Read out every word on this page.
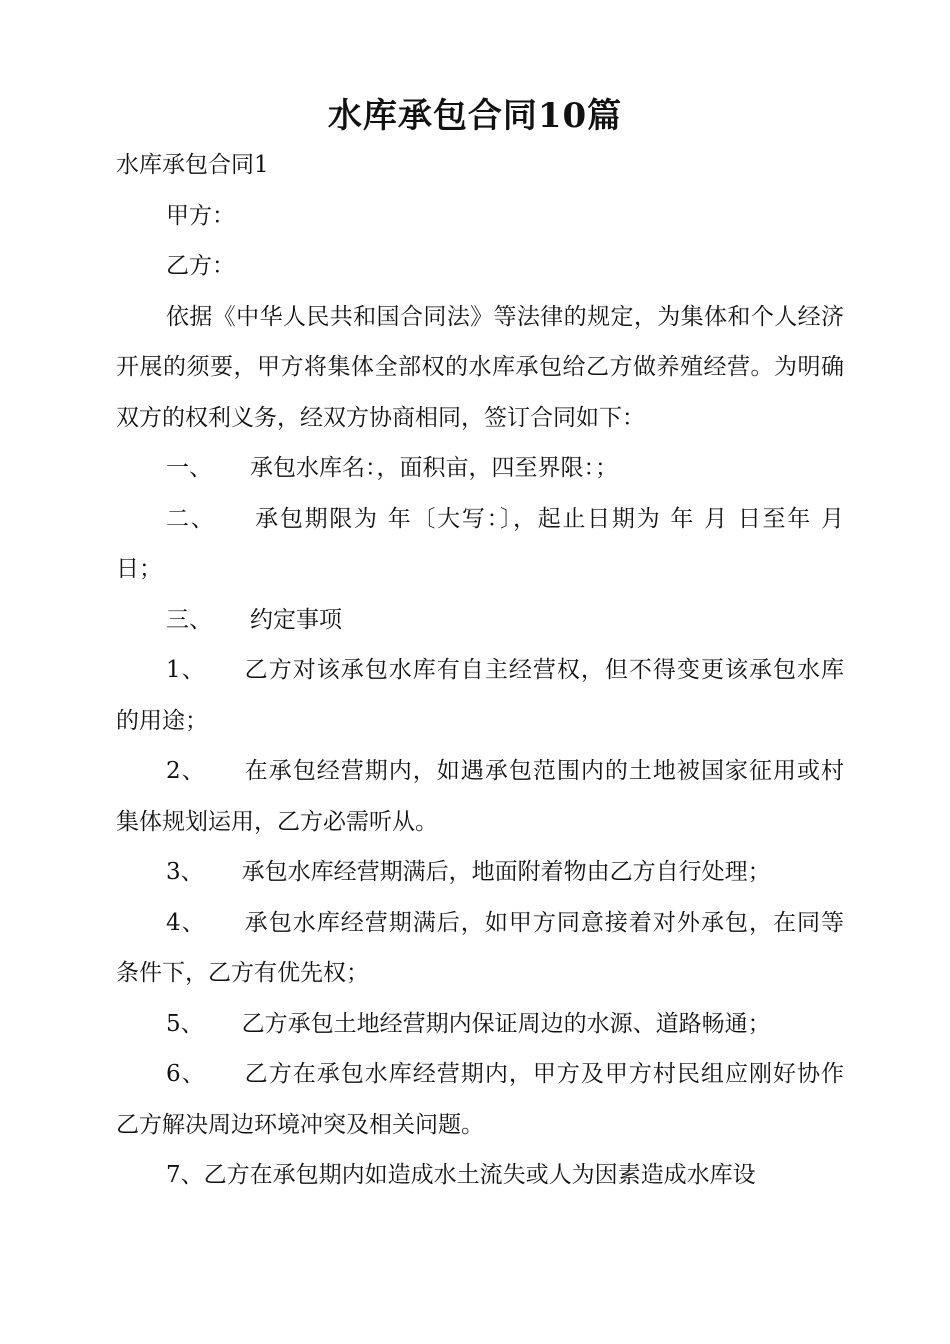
水库承包合同10篇

水库承包合同1

甲方：

乙方：

依据《中华人民共和国合同法》等法律的规定，为集体和个人经济开展的须要，甲方将集体全部权的水库承包给乙方做养殖经营。为明确双方的权利义务，经双方协商相同，签订合同如下：

一、 承包水库名：，面积亩，四至界限：；

二、 承包期限为 年〔大写：〕，起止日期为 年 月 日至年 月 日；

三、 约定事项

1、 乙方对该承包水库有自主经营权，但不得变更该承包水库 的用途；

2、 在承包经营期内，如遇承包范围内的土地被国家征用或村 集体规划运用，乙方必需听从。

3、 承包水库经营期满后，地面附着物由乙方自行处理；

4、 承包水库经营期满后，如甲方同意接着对外承包，在同等 条件下，乙方有优先权；

5、 乙方承包土地经营期内保证周边的水源、道路畅通；

6、 乙方在承包水库经营期内，甲方及甲方村民组应刚好协作 乙方解决周边环境冲突及相关问题。

7、乙方在承包期内如造成水土流失或人为因素造成水库设
